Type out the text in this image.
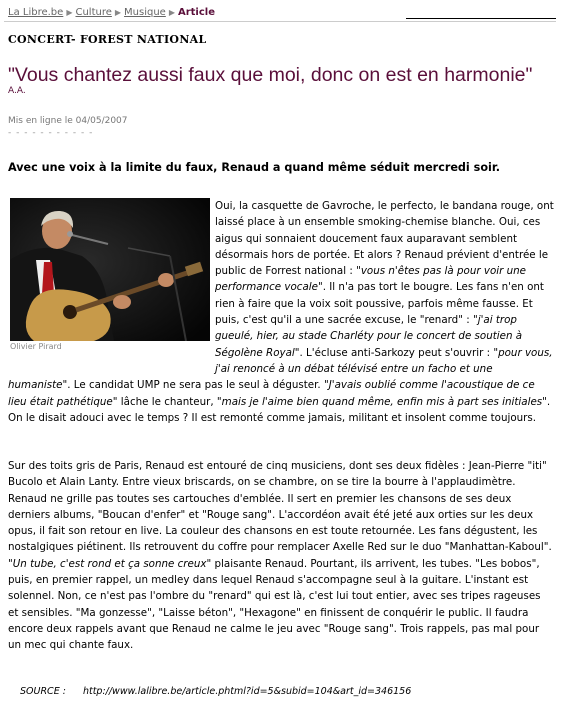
La Libre.be ▶ Culture ▶ Musique ▶ Article
CONCERT- FOREST NATIONAL
"Vous chantez aussi faux que moi, donc on est en harmonie"
A.A.
Mis en ligne le 04/05/2007
- - - - - - - - - - -
Avec une voix à la limite du faux, Renaud a quand même séduit mercredi soir.
Oui, la casquette de Gavroche, le perfecto, le bandana rouge, ont laissé place à un ensemble smoking-chemise blanche. Oui, ces aigus qui sonnaient doucement faux auparavant semblent désormais hors de portée. Et alors ? Renaud prévient d'entrée le public de Forrest national : "vous n'êtes pas là pour voir une performance vocale". Il n'a pas tort le bougre. Les fans n'en ont rien à faire que la voix soit poussive, parfois même fausse. Et puis, c'est qu'il a une sacrée excuse, le "renard" : "j'ai trop gueulé, hier, au stade Charléty pour le concert de soutien à Ségolène Royal". L'écluse anti-Sarkozy peut s'ouvrir : "pour vous, j'ai renoncé à un débat télévisé entre un facho et une humaniste". Le candidat UMP ne sera pas le seul à déguster. "J'avais oublié comme l'acoustique de ce lieu était pathétique" lâche le chanteur, "mais je l'aime bien quand même, enfin mis à part ses initiales". On le disait adouci avec le temps ? Il est remonté comme jamais, militant et insolent comme toujours.
Olivier Pirard
Sur des toits gris de Paris, Renaud est entouré de cinq musiciens, dont ses deux fidèles : Jean-Pierre "iti" Bucolo et Alain Lanty. Entre vieux briscards, on se chambre, on se tire la bourre à l'applaudimètre. Renaud ne grille pas toutes ses cartouches d'emblée. Il sert en premier les chansons de ses deux derniers albums, "Boucan d'enfer" et "Rouge sang". L'accordéon avait été jeté aux orties sur les deux opus, il fait son retour en live. La couleur des chansons en est toute retournée. Les fans dégustent, les nostalgiques piétinent. Ils retrouvent du coffre pour remplacer Axelle Red sur le duo "Manhattan-Kaboul". "Un tube, c'est rond et ça sonne creux" plaisante Renaud. Pourtant, ils arrivent, les tubes. "Les bobos", puis, en premier rappel, un medley dans lequel Renaud s'accompagne seul à la guitare. L'instant est solennel. Non, ce n'est pas l'ombre du "renard" qui est là, c'est lui tout entier, avec ses tripes rageuses et sensibles. "Ma gonzesse", "Laisse béton", "Hexagone" en finissent de conquérir le public. Il faudra encore deux rappels avant que Renaud ne calme le jeu avec "Rouge sang". Trois rappels, pas mal pour un mec qui chante faux.
SOURCE : http://www.lalibre.be/article.phtml?id=5&subid=104&art_id=346156
